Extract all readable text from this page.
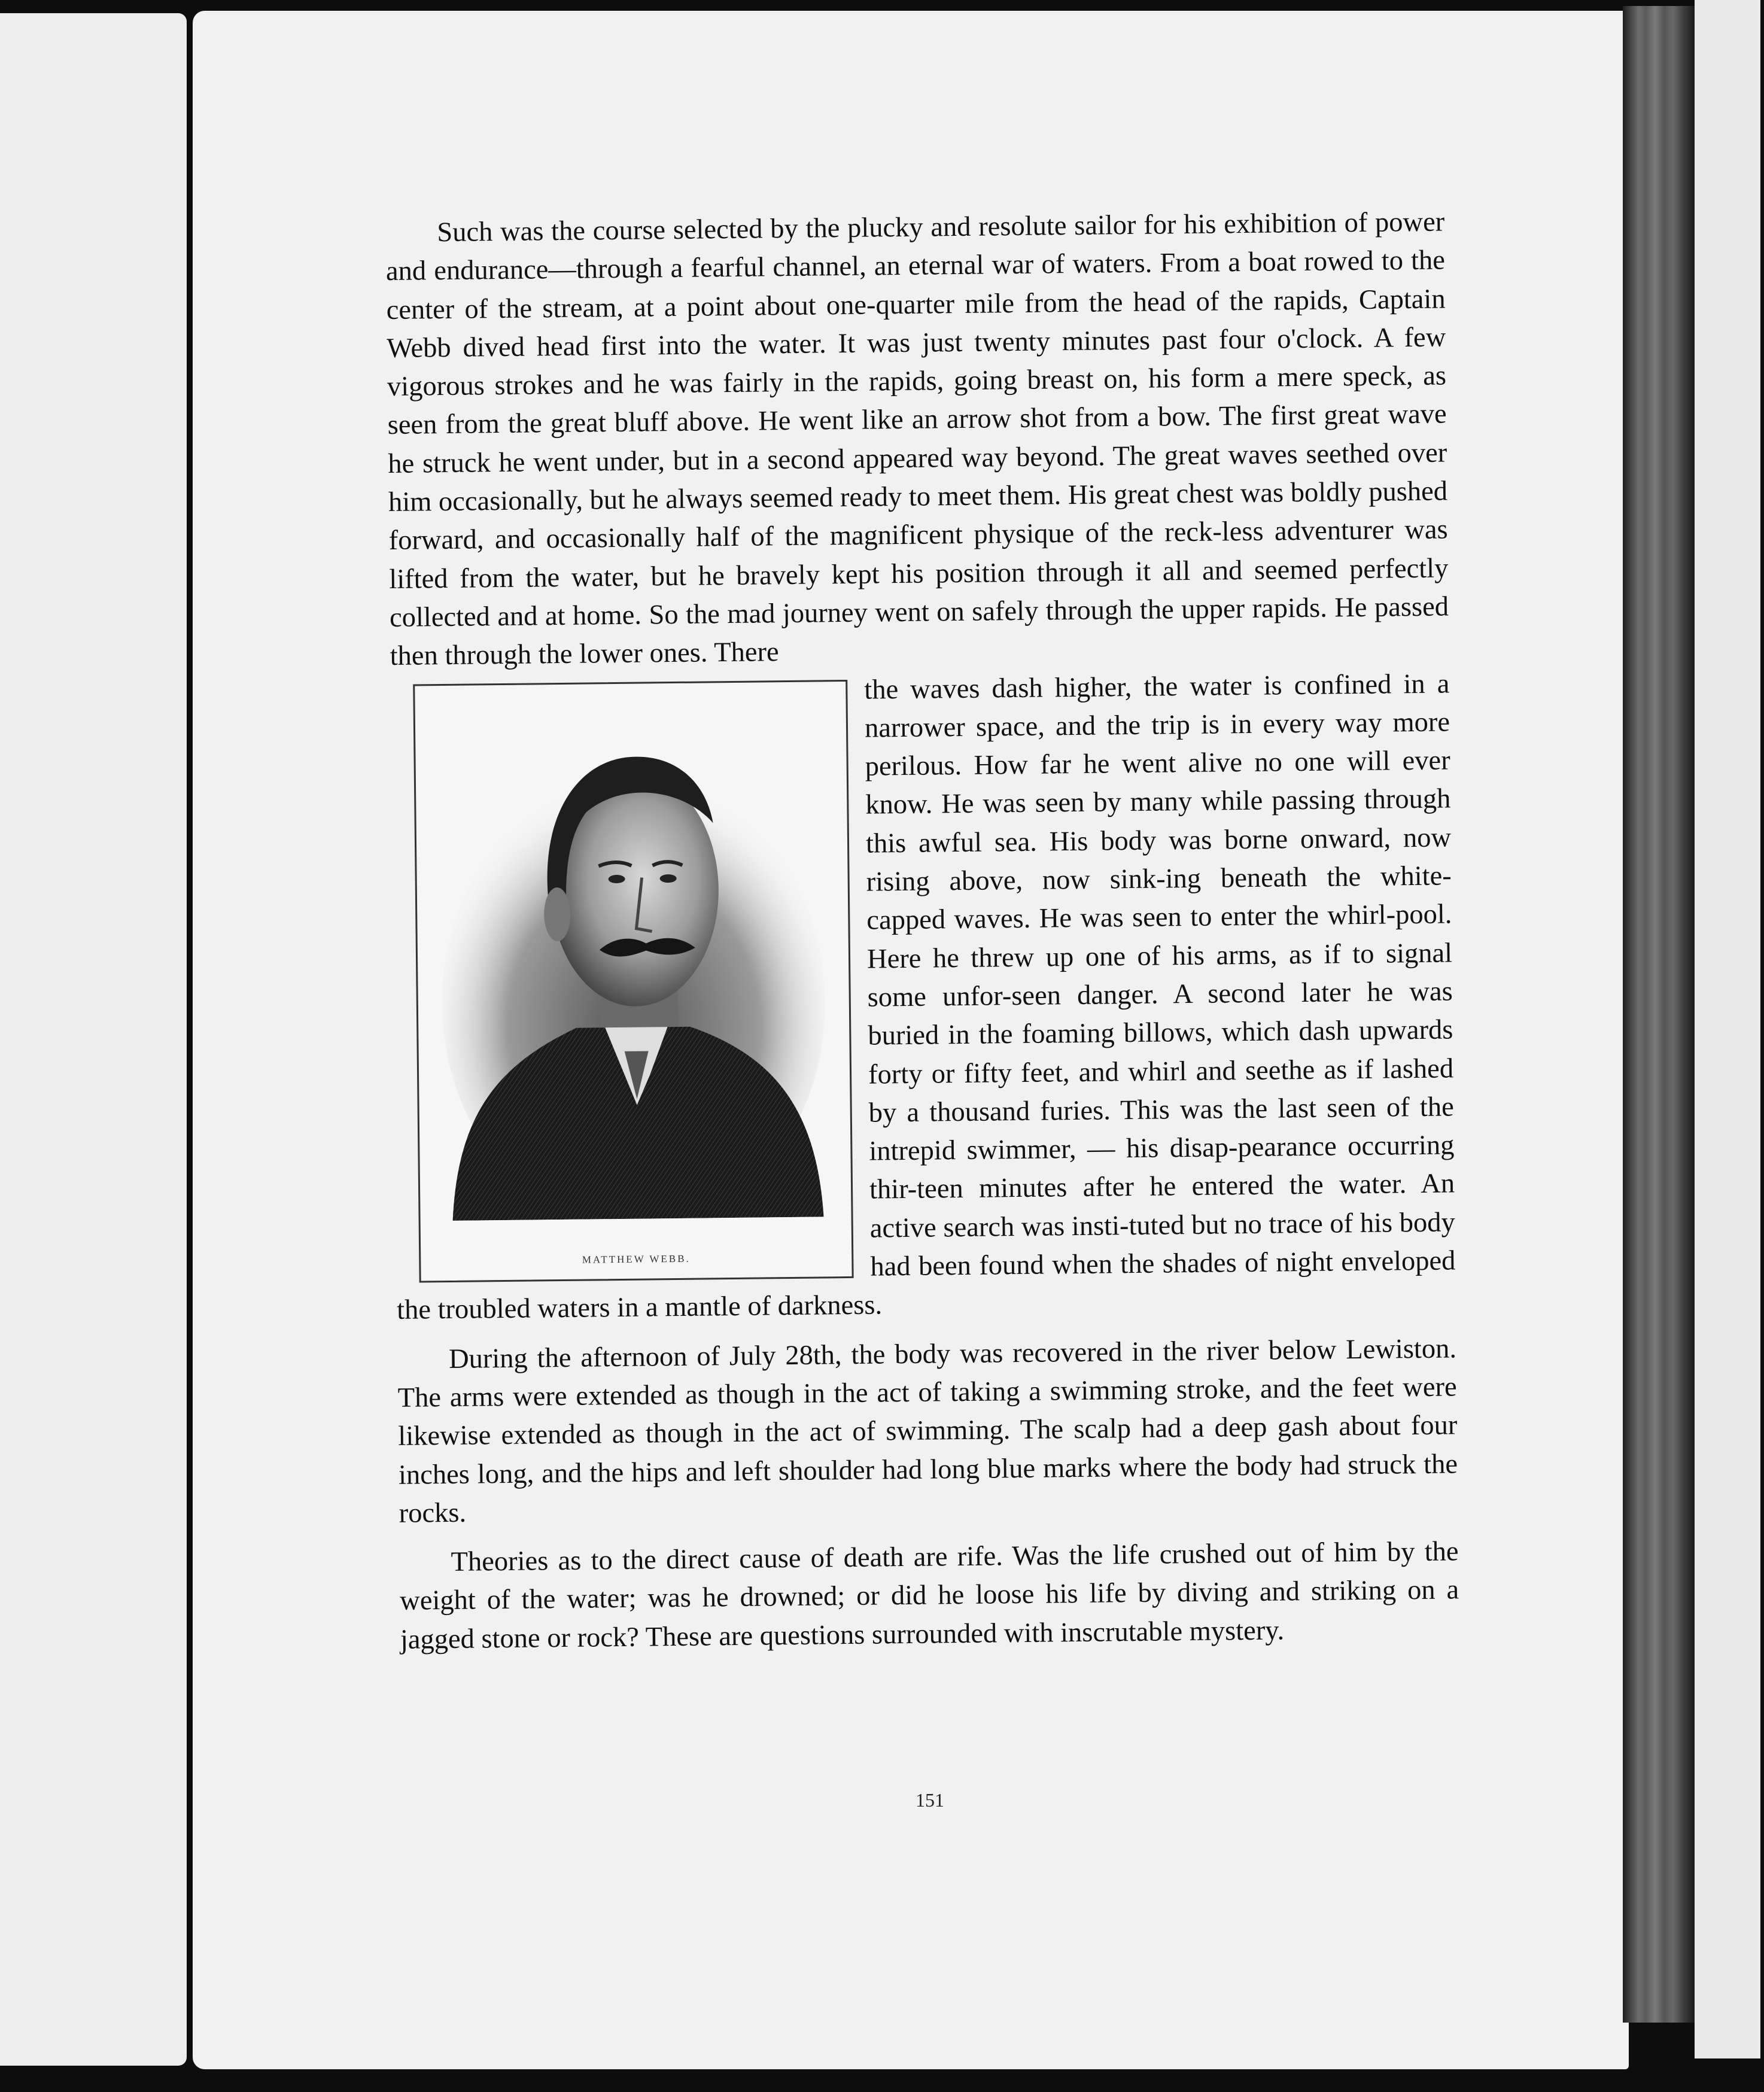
Such was the course selected by the plucky and resolute sailor for his exhibition of power and endurance—through a fearful channel, an eternal war of waters. From a boat rowed to the center of the stream, at a point about one-quarter mile from the head of the rapids, Captain Webb dived head first into the water. It was just twenty minutes past four o'clock. A few vigorous strokes and he was fairly in the rapids, going breast on, his form a mere speck, as seen from the great bluff above. He went like an arrow shot from a bow. The first great wave he struck he went under, but in a second appeared way beyond. The great waves seethed over him occasionally, but he always seemed ready to meet them. His great chest was boldly pushed forward, and occasionally half of the magnificent physique of the reck-less adventurer was lifted from the water, but he bravely kept his position through it all and seemed perfectly collected and at home. So the mad journey went on safely through the upper rapids. He passed then through the lower ones. There

MATTHEW WEBB.

the waves dash higher, the water is confined in a narrower space, and the trip is in every way more perilous. How far he went alive no one will ever know. He was seen by many while passing through this awful sea. His body was borne onward, now rising above, now sink-ing beneath the white-capped waves. He was seen to enter the whirl-pool. Here he threw up one of his arms, as if to signal some unfor-seen danger. A second later he was buried in the foaming billows, which dash upwards forty or fifty feet, and whirl and seethe as if lashed by a thousand furies. This was the last seen of the intrepid swimmer, — his disap-pearance occurring thir-teen minutes after he entered the water. An active search was insti-tuted but no trace of his body had been found when the shades of night enveloped the troubled waters in a mantle of darkness.

During the afternoon of July 28th, the body was recovered in the river below Lewiston. The arms were extended as though in the act of taking a swimming stroke, and the feet were likewise extended as though in the act of swimming. The scalp had a deep gash about four inches long, and the hips and left shoulder had long blue marks where the body had struck the rocks.

Theories as to the direct cause of death are rife. Was the life crushed out of him by the weight of the water; was he drowned; or did he loose his life by diving and striking on a jagged stone or rock? These are questions surrounded with inscrutable mystery.

151
